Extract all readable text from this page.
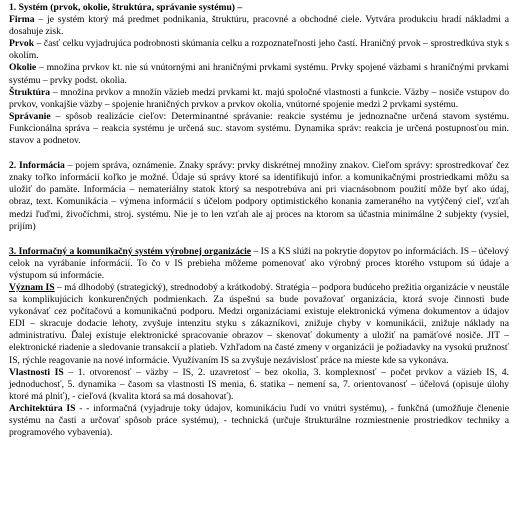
1. Systém (prvok, okolie, štruktúra, správanie systému) –
Firma – je systém ktorý má predmet podnikania, štruktúru, pracovné a obchodné ciele. Vytvára produkciu hradí nákladmi a dosahuje zisk.
Prvok – časť celku vyjadrujúca podrobnosti skúmania celku a rozpoznateľnosti jeho častí. Hraničný prvok – sprostredkúva styk s okolím.
Okolie – množina prvkov kt. nie sú vnútornými ani hraničnými prvkami systému. Prvky spojené väzbami s hraničnými prvkami systému – prvky podst. okolia.
Štruktúra – množina prvkov a množín väzieb medzi prvkami kt. majú spoločné vlastnosti a funkcie. Väzby – nosiče vstupov do prvkov, vonkajšie väzby – spojenie hraničných prvkov a prvkov okolia, vnútorné spojenie medzi 2 prvkami systému.
Správanie – spôsob realizácie cieľov: Determinantné správanie: reakcie systému je jednoznačne určená stavom systému. Funkcionálna správa – reakcia systému je určená suc. stavom systému. Dynamika správ: reakcia je určená postupnosťou min. stavov a podnetov.
2. Informácia – pojem správa, oznámenie. Znaky správy: prvky diskrétnej množiny znakov. Cieľom správy: sprostredkovať čez znaky toľko informácií koľko je možné. Údaje sú správy ktoré sa identifikujú infor. a komunikačnými prostriedkami môžu sa uložiť do pamäte. Informácia – nemateriálny statok ktorý sa nespotrebúva ani pri viacnásobnom použití môže byť ako údaj, obraz, text. Komunikácia – výmena informácií s účelom podpory optimistického konania zameraného na vytýčený cieľ, vzťah medzi ľuďmi, živočíchmi, stroj. systému. Nie je to len vzťah ale aj proces na ktorom sa účastnia minimálne 2 subjekty (vysiel, prijím)
3. Informačný a komunikačný systém výrobnej organizácie – IS a KS slúži na pokrytie dopytov po informáciách. IS – účelový celok na vyrábanie informácií. To čo v IS prebieha môžeme pomenovať ako výrobný proces ktorého vstupom sú údaje a výstupom sú informácie.
Význam IS – má dlhodobý (strategický), strednodobý a krátkodobý. Stratégia – podpora budúceho prežitia organizácie v neustále sa komplikujúcich konkurenčných podmienkach. Za úspešnú sa bude považovať organizácia, ktorá svoje činnosti bude vykonávať cez počítačovú a komunikačnú podporu. Medzi organizáciami existuje elektronická výmena dokumentov a údajov EDI – skracuje dodacie lehoty, zvyšuje intenzitu styku s zákazníkovi, znižuje chyby v komunikácii, znižuje náklady na administratívu. Ďalej existuje elektronické spracovanie obrazov – skenovať dokumenty a uložiť na pamäťové nosiče. JIT – elektronické riadenie a sledovanie transakcií a platieb. Vzhľadom na časté zmeny v organizácii je požiadavky na vysokú pružnosť IS, rýchle reagovanie na nové informácie. Využívaním IS sa zvyšuje nezávislosť práce na mieste kde sa vykonáva.
Vlastnosti IS – 1. otvorenosť – väzby – IS, 2. uzavretosť – bez okolia, 3. komplexnosť – počet prvkov a väzieb IS, 4. jednoduchosť, 5. dynamika – časom sa vlastnosti IS menia, 6. statika – nemení sa, 7. orientovanosť – účelová (opisuje úlohy ktoré má plniť), - cieľová (kvalita ktorá sa má dosahovať).
Architektúra IS - - informačná (vyjadruje toky údajov, komunikáciu ľudí vo vnútri systému), - funkčná (umožňuje členenie systému na časti a určovať spôsob práce systému), - technická (určuje štrukturálne rozmiestnenie prostriedkov techniky a programového vybavenia).
